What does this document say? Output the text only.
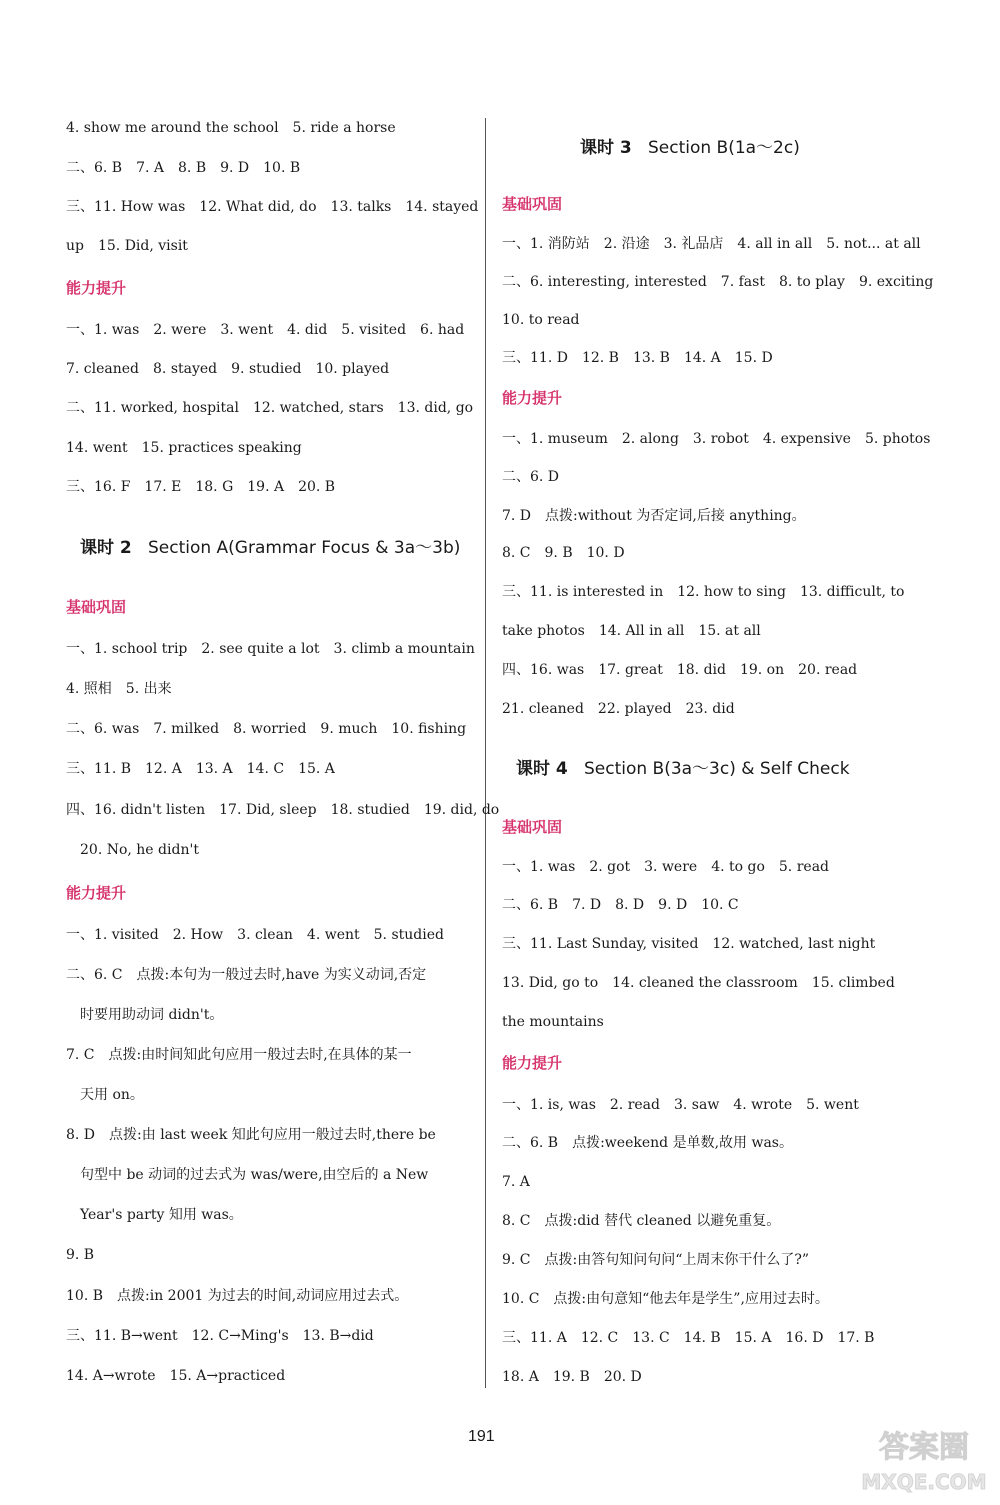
4. show me around the school　5. ride a horse
二、6. B　7. A　8. B　9. D　10. B
三、11. How was　12. What did, do　13. talks　14. stayed
up　15. Did, visit
能力提升
一、1. was　2. were　3. went　4. did　5. visited　6. had
7. cleaned　8. stayed　9. studied　10. played
二、11. worked, hospital　12. watched, stars　13. did, go
14. went　15. practices speaking
三、16. F　17. E　18. G　19. A　20. B
课时 2 Section A(Grammar Focus & 3a～3b)
基础巩固
一、1. school trip　2. see quite a lot　3. climb a mountain
4. 照相　5. 出来
二、6. was　7. milked　8. worried　9. much　10. fishing
三、11. B　12. A　13. A　14. C　15. A
四、16. didn't listen　17. Did, sleep　18. studied　19. did, do
20. No, he didn't
能力提升
一、1. visited　2. How　3. clean　4. went　5. studied
二、6. C　点拨:本句为一般过去时,have 为实义动词,否定
时要用助动词 didn't。
7. C　点拨:由时间知此句应用一般过去时,在具体的某一
天用 on。
8. D　点拨:由 last week 知此句应用一般过去时,there be
句型中 be 动词的过去式为 was/were,由空后的 a New
Year's party 知用 was。
9. B
10. B　点拨:in 2001 为过去的时间,动词应用过去式。
三、11. B→went　12. C→Ming's　13. B→did
14. A→wrote　15. A→practiced
课时 3 Section B(1a～2c)
基础巩固
一、1. 消防站　2. 沿途　3. 礼品店　4. all in all　5. not... at all
二、6. interesting, interested　7. fast　8. to play　9. exciting
10. to read
三、11. D　12. B　13. B　14. A　15. D
能力提升
一、1. museum　2. along　3. robot　4. expensive　5. photos
二、6. D
7. D　点拨:without 为否定词,后接 anything。
8. C　9. B　10. D
三、11. is interested in　12. how to sing　13. difficult, to
take photos　14. All in all　15. at all
四、16. was　17. great　18. did　19. on　20. read
21. cleaned　22. played　23. did
课时 4 Section B(3a～3c) & Self Check
基础巩固
一、1. was　2. got　3. were　4. to go　5. read
二、6. B　7. D　8. D　9. D　10. C
三、11. Last Sunday, visited　12. watched, last night
13. Did, go to　14. cleaned the classroom　15. climbed
the mountains
能力提升
一、1. is, was　2. read　3. saw　4. wrote　5. went
二、6. B　点拨:weekend 是单数,故用 was。
7. A
8. C　点拨:did 替代 cleaned 以避免重复。
9. C　点拨:由答句知问句问“上周末你干什么了?”
10. C　点拨:由句意知“他去年是学生”,应用过去时。
三、11. A　12. C　13. C　14. B　15. A　16. D　17. B
18. A　19. B　20. D
191	答案圈
MXQE.COM
